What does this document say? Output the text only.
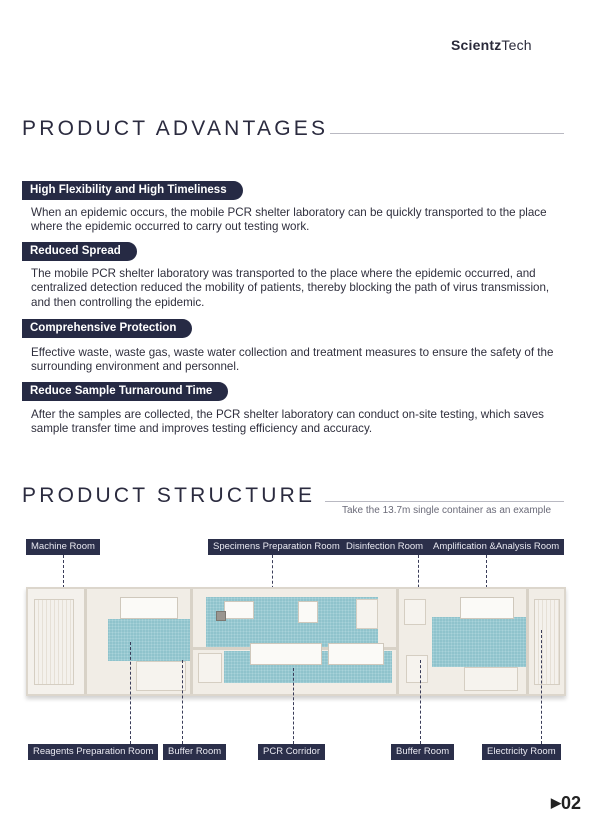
ScientzTech
PRODUCT ADVANTAGES
High Flexibility and High Timeliness
When an epidemic occurs, the mobile PCR shelter laboratory can be quickly transported to the place where the epidemic occurred to carry out testing work.
Reduced Spread
The mobile PCR shelter laboratory was transported to the place where the epidemic occurred, and centralized detection reduced the mobility of patients, thereby blocking the path of virus transmission, and then controlling the epidemic.
Comprehensive Protection
Effective waste, waste gas, waste water collection and treatment measures to ensure the safety of the surrounding environment and personnel.
Reduce Sample Turnaround Time
After the samples are collected, the PCR shelter laboratory can conduct on-site testing, which saves sample transfer time and improves testing efficiency and accuracy.
PRODUCT STRUCTURE
Take the 13.7m single container as an example
Machine Room	Specimens Preparation Room Disinfection Room	Amplification &Analysis Room
Reagents Preparation Room	Buffer Room	PCR Corridor	Buffer Room	Electricity Room
▶02
